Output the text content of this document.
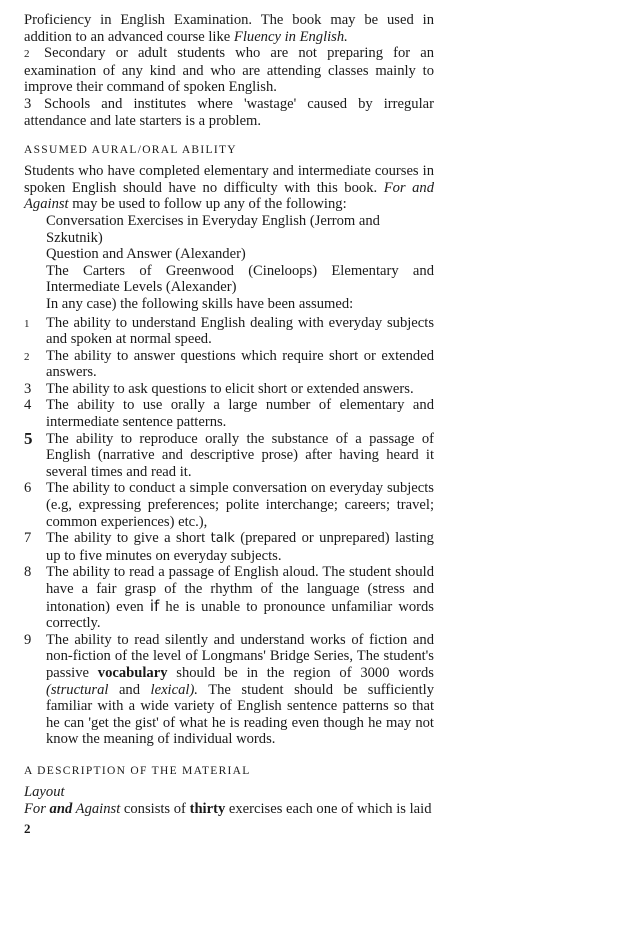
Proficiency in English Examination. The book may be used in addition to an advanced course like Fluency in English.

2 Secondary or adult students who are not preparing for an examination of any kind and who are attending classes mainly to improve their command of spoken English.

3 Schools and institutes where 'wastage' caused by irregular attendance and late starters is a problem.

ASSUMED AURAL/ORAL ABILITY

Students who have completed elementary and intermediate courses in spoken English should have no difficulty with this book. For and Against may be used to follow up any of the following:

Conversation Exercises in Everyday English (Jerrom and Szkutnik)

Question and Answer (Alexander)

The Carters of Greenwood (Cineloops) Elementary and Intermediate Levels (Alexander)

In any case) the following skills have been assumed:

1	The ability to understand English dealing with everyday subjects and spoken at normal speed.
2	The ability to answer questions which require short or extended answers.
3	The ability to ask questions to elicit short or extended answers.
4	The ability to use orally a large number of elementary and intermediate sentence patterns.
5 The ability to reproduce orally the substance of a passage of English (narrative and descriptive prose) after having heard it several times and read it.
6	The ability to conduct a simple conversation on everyday subjects (e.g, expressing preferences; polite interchange; careers; travel; common experiences) etc.),
7	The ability to give a short talk (prepared or unprepared) lasting up to five minutes on everyday subjects.
8	The ability to read a passage of English aloud. The student should have a fair grasp of the rhythm of the language (stress and intonation) even if he is unable to pronounce unfamiliar words correctly.
9	The ability to read silently and understand works of fiction and non-fiction of the level of Longmans' Bridge Series, The student's passive vocabulary should be in the region of 3000 words (structural and lexical). The student should be sufficiently familiar with a wide variety of English sentence patterns so that he can 'get the gist' of what he is reading even though he may not know the meaning of individual words.
A DESCRIPTION OF THE MATERIAL

Layout

For and Against consists of thirty exercises each one of which is laid

2
